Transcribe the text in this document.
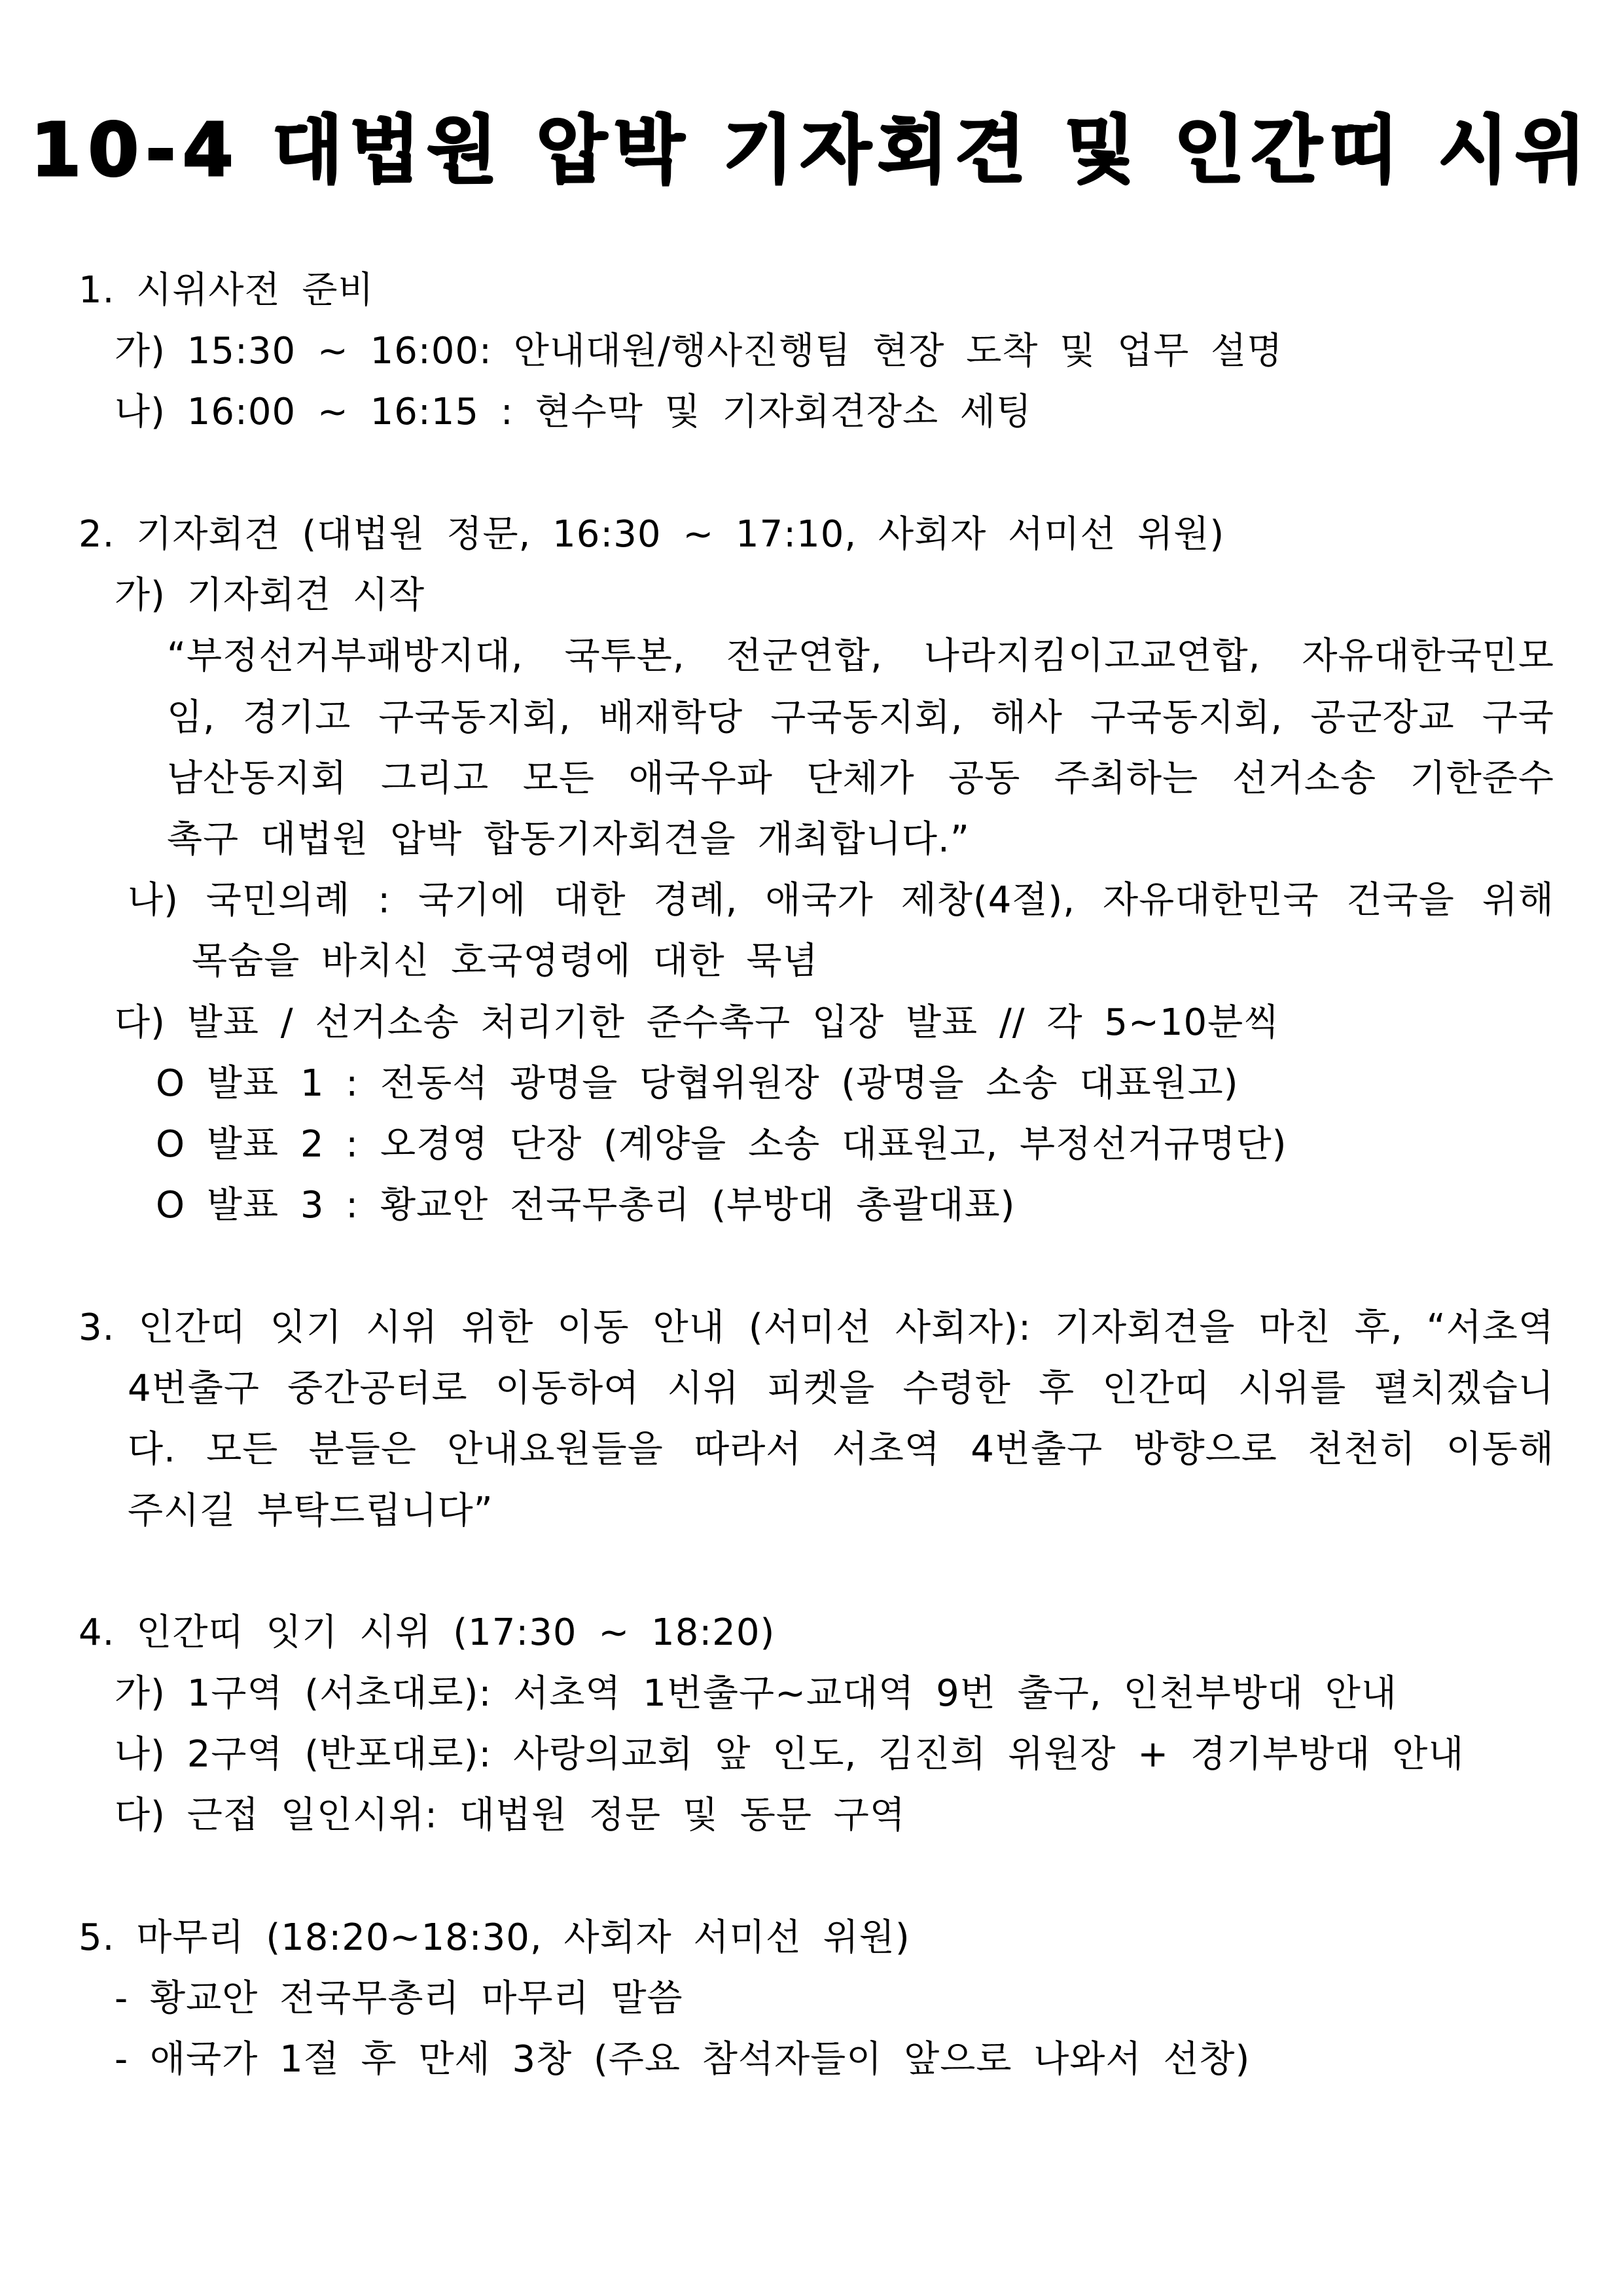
10-4 대법원 압박 기자회견 및 인간띠 시위
1. 시위사전 준비
가) 15:30 ~ 16:00: 안내대원/행사진행팀 현장 도착 및 업무 설명
나) 16:00 ~ 16:15 : 현수막 및 기자회견장소 세팅
2. 기자회견 (대법원 정문, 16:30 ~ 17:10, 사회자 서미선 위원)
가) 기자회견 시작
“부정선거부패방지대, 국투본, 전군연합, 나라지킴이고교연합, 자유대한국민모
임, 경기고 구국동지회, 배재학당 구국동지회, 해사 구국동지회, 공군장교 구국
남산동지회 그리고 모든 애국우파 단체가 공동 주최하는 선거소송 기한준수
촉구 대법원 압박 합동기자회견을 개최합니다.”
나) 국민의례 : 국기에 대한 경례, 애국가 제창(4절), 자유대한민국 건국을 위해
목숨을 바치신 호국영령에 대한 묵념
다) 발표 / 선거소송 처리기한 준수촉구 입장 발표 // 각 5~10분씩
O 발표 1 : 전동석 광명을 당협위원장 (광명을 소송 대표원고)
O 발표 2 : 오경영 단장 (계양을 소송 대표원고, 부정선거규명단)
O 발표 3 : 황교안 전국무총리 (부방대 총괄대표)
3. 인간띠 잇기 시위 위한 이동 안내 (서미선 사회자): 기자회견을 마친 후, “서초역
4번출구 중간공터로 이동하여 시위 피켓을 수령한 후 인간띠 시위를 펼치겠습니
다. 모든 분들은 안내요원들을 따라서 서초역 4번출구 방향으로 천천히 이동해
주시길 부탁드립니다”
4. 인간띠 잇기 시위 (17:30 ~ 18:20)
가) 1구역 (서초대로): 서초역 1번출구~교대역 9번 출구, 인천부방대 안내
나) 2구역 (반포대로): 사랑의교회 앞 인도, 김진희 위원장 + 경기부방대 안내
다) 근접 일인시위: 대법원 정문 및 동문 구역
5. 마무리 (18:20~18:30, 사회자 서미선 위원)
- 황교안 전국무총리 마무리 말씀
- 애국가 1절 후 만세 3창 (주요 참석자들이 앞으로 나와서 선창)
